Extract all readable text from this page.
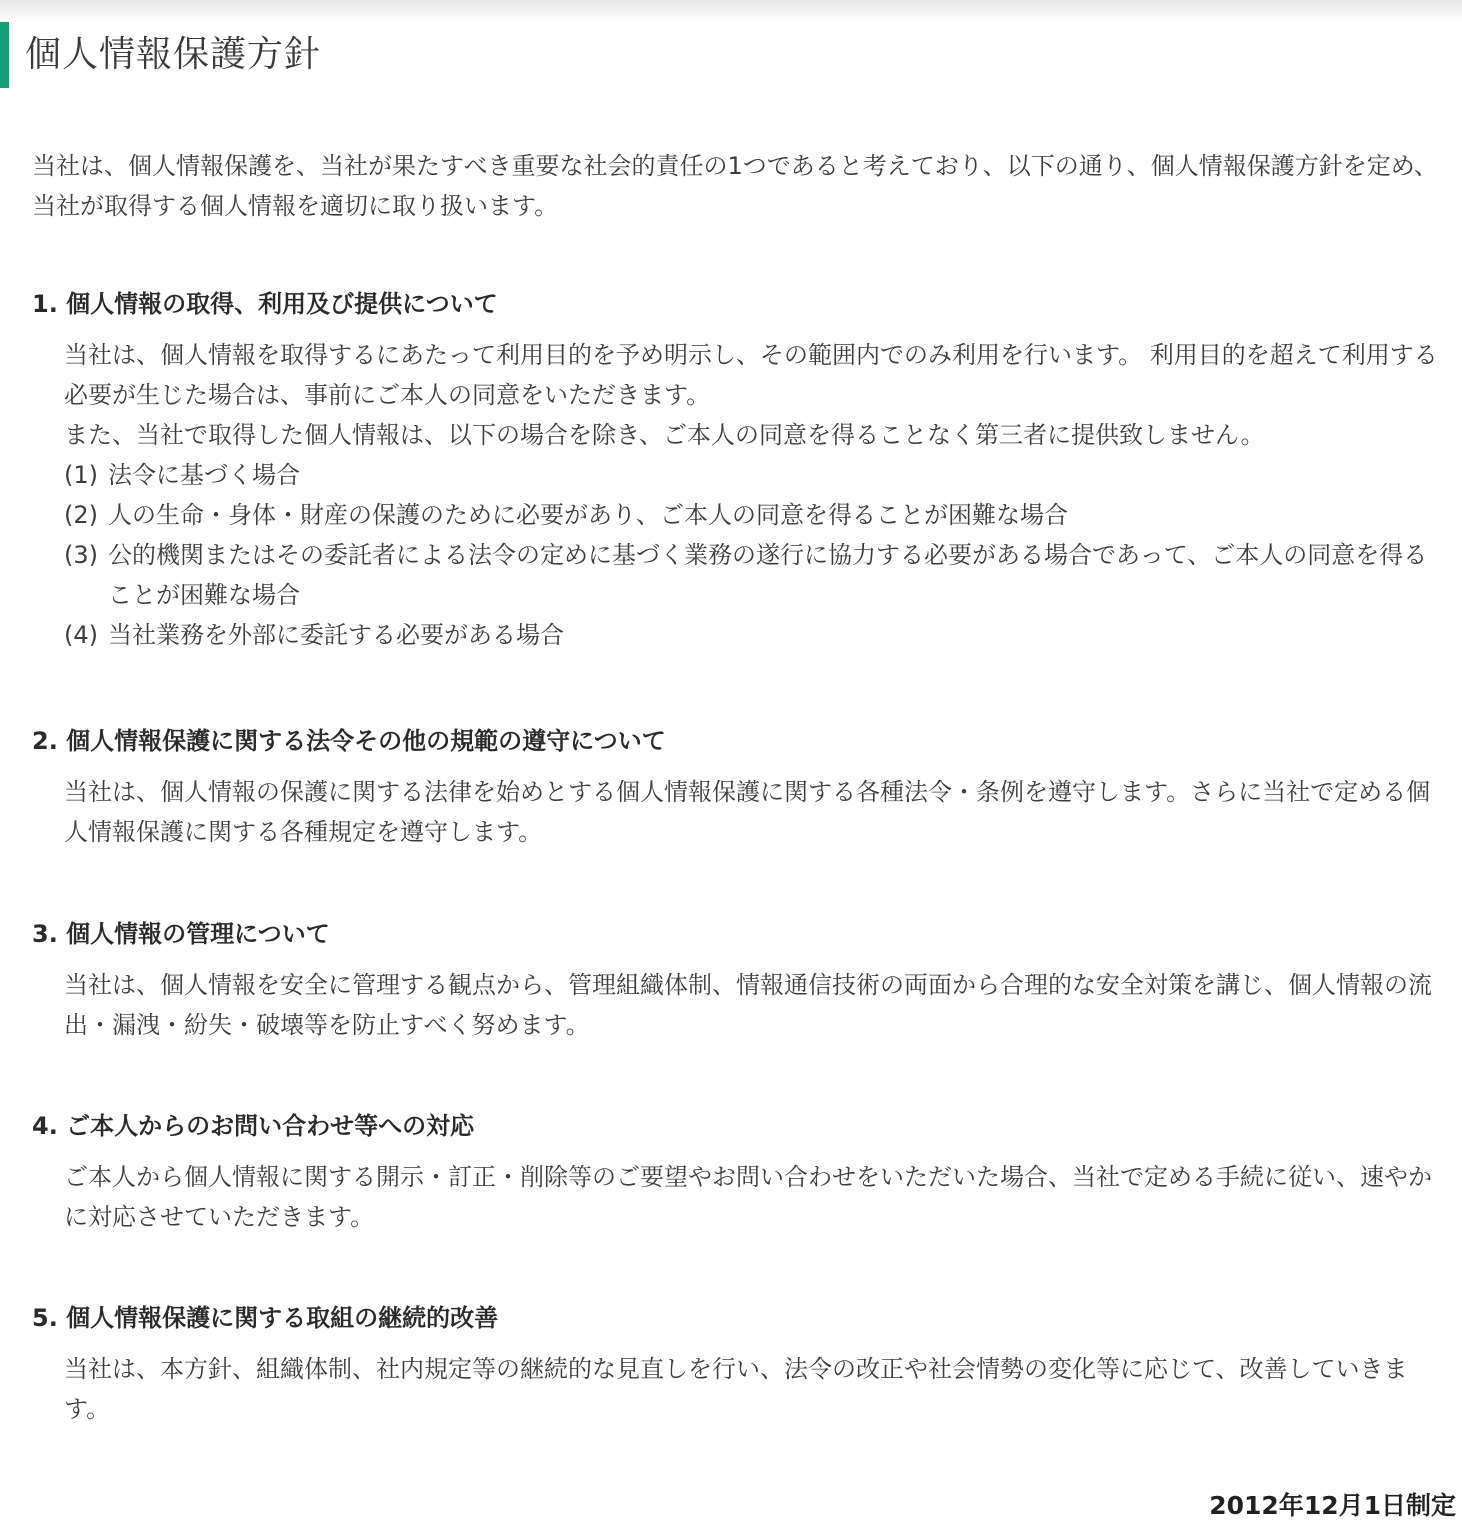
個人情報保護方針

当社は、個人情報保護を、当社が果たすべき重要な社会的責任の1つであると考えており、以下の通り、個人情報保護方針を定め、当社が取得する個人情報を適切に取り扱います。

1. 個人情報の取得、利用及び提供について

当社は、個人情報を取得するにあたって利用目的を予め明示し、その範囲内でのみ利用を行います。 利用目的を超えて利用する必要が生じた場合は、事前にご本人の同意をいただきます。

また、当社で取得した個人情報は、以下の場合を除き、ご本人の同意を得ることなく第三者に提供致しません。

(1) 法令に基づく場合
(2) 人の生命・身体・財産の保護のために必要があり、ご本人の同意を得ることが困難な場合
(3) 公的機関またはその委託者による法令の定めに基づく業務の遂行に協力する必要がある場合であって、ご本人の同意を得ることが困難な場合
(4) 当社業務を外部に委託する必要がある場合
2. 個人情報保護に関する法令その他の規範の遵守について

当社は、個人情報の保護に関する法律を始めとする個人情報保護に関する各種法令・条例を遵守します。さらに当社で定める個人情報保護に関する各種規定を遵守します。

3. 個人情報の管理について

当社は、個人情報を安全に管理する観点から、管理組織体制、情報通信技術の両面から合理的な安全対策を講じ、個人情報の流出・漏洩・紛失・破壊等を防止すべく努めます。

4. ご本人からのお問い合わせ等への対応

ご本人から個人情報に関する開示・訂正・削除等のご要望やお問い合わせをいただいた場合、当社で定める手続に従い、速やかに対応させていただきます。

5. 個人情報保護に関する取組の継続的改善

当社は、本方針、組織体制、社内規定等の継続的な見直しを行い、法令の改正や社会情勢の変化等に応じて、改善していきます。

2012年12月1日制定
